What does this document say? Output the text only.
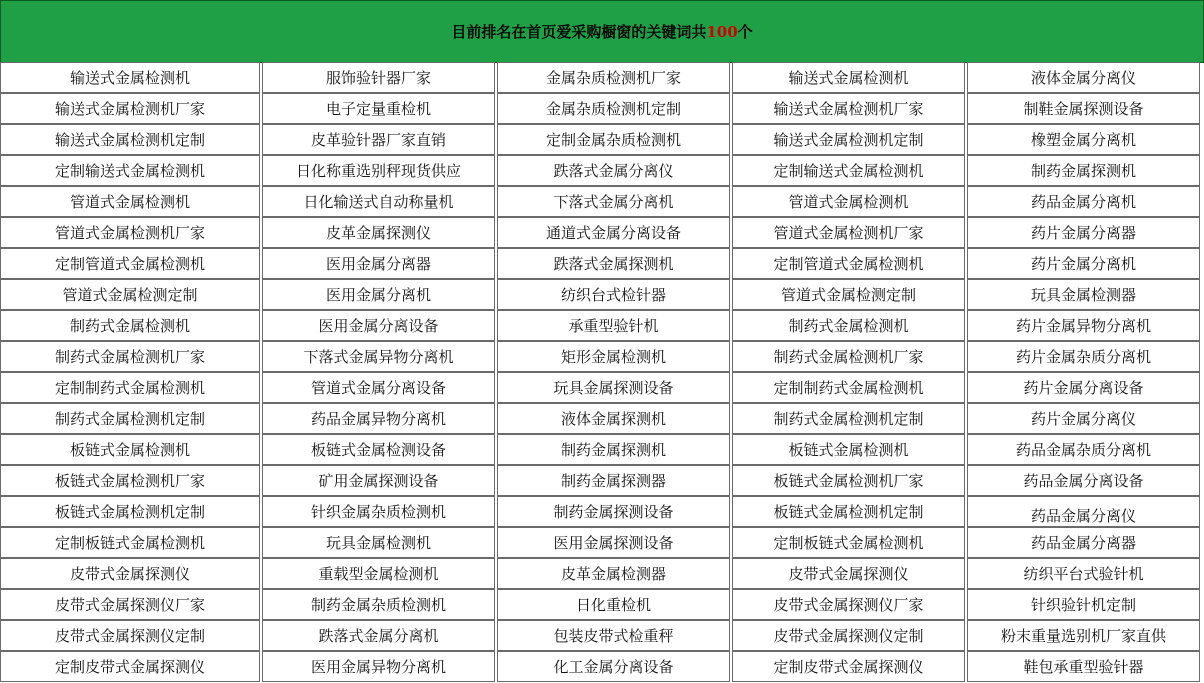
目前排名在首页爱采购橱窗的关键词共 100 个
输送式金属检测机	服饰验针器厂家	金属杂质检测机厂家	输送式金属检测机	液体金属分离仪
输送式金属检测机厂家	电子定量重检机	金属杂质检测机定制	输送式金属检测机厂家	制鞋金属探测设备
输送式金属检测机定制	皮革验针器厂家直销	定制金属杂质检测机	输送式金属检测机定制	橡塑金属分离机
定制输送式金属检测机	日化称重选别秤现货供应	跌落式金属分离仪	定制输送式金属检测机	制药金属探测机
管道式金属检测机	日化输送式自动称量机	下落式金属分离机	管道式金属检测机	药品金属分离机
管道式金属检测机厂家	皮革金属探测仪	通道式金属分离设备	管道式金属检测机厂家	药片金属分离器
定制管道式金属检测机	医用金属分离器	跌落式金属探测机	定制管道式金属检测机	药片金属分离机
管道式金属检测定制	医用金属分离机	纺织台式检针器	管道式金属检测定制	玩具金属检测器
制药式金属检测机	医用金属分离设备	承重型验针机	制药式金属检测机	药片金属异物分离机
制药式金属检测机厂家	下落式金属异物分离机	矩形金属检测机	制药式金属检测机厂家	药片金属杂质分离机
定制制药式金属检测机	管道式金属分离设备	玩具金属探测设备	定制制药式金属检测机	药片金属分离设备
制药式金属检测机定制	药品金属异物分离机	液体金属探测机	制药式金属检测机定制	药片金属分离仪
板链式金属检测机	板链式金属检测设备	制药金属探测机	板链式金属检测机	药品金属杂质分离机
板链式金属检测机厂家	矿用金属探测设备	制药金属探测器	板链式金属检测机厂家	药品金属分离设备
板链式金属检测机定制	针织金属杂质检测机	制药金属探测设备	板链式金属检测机定制	药品金属分离仪
定制板链式金属检测机	玩具金属检测机	医用金属探测设备	定制板链式金属检测机	药品金属分离器
皮带式金属探测仪	重载型金属检测机	皮革金属检测器	皮带式金属探测仪	纺织平台式验针机
皮带式金属探测仪厂家	制药金属杂质检测机	日化重检机	皮带式金属探测仪厂家	针织验针机定制
皮带式金属探测仪定制	跌落式金属分离机	包装皮带式检重秤	皮带式金属探测仪定制	粉末重量选别机厂家直供
定制皮带式金属探测仪	医用金属异物分离机	化工金属分离设备	定制皮带式金属探测仪	鞋包承重型验针器
